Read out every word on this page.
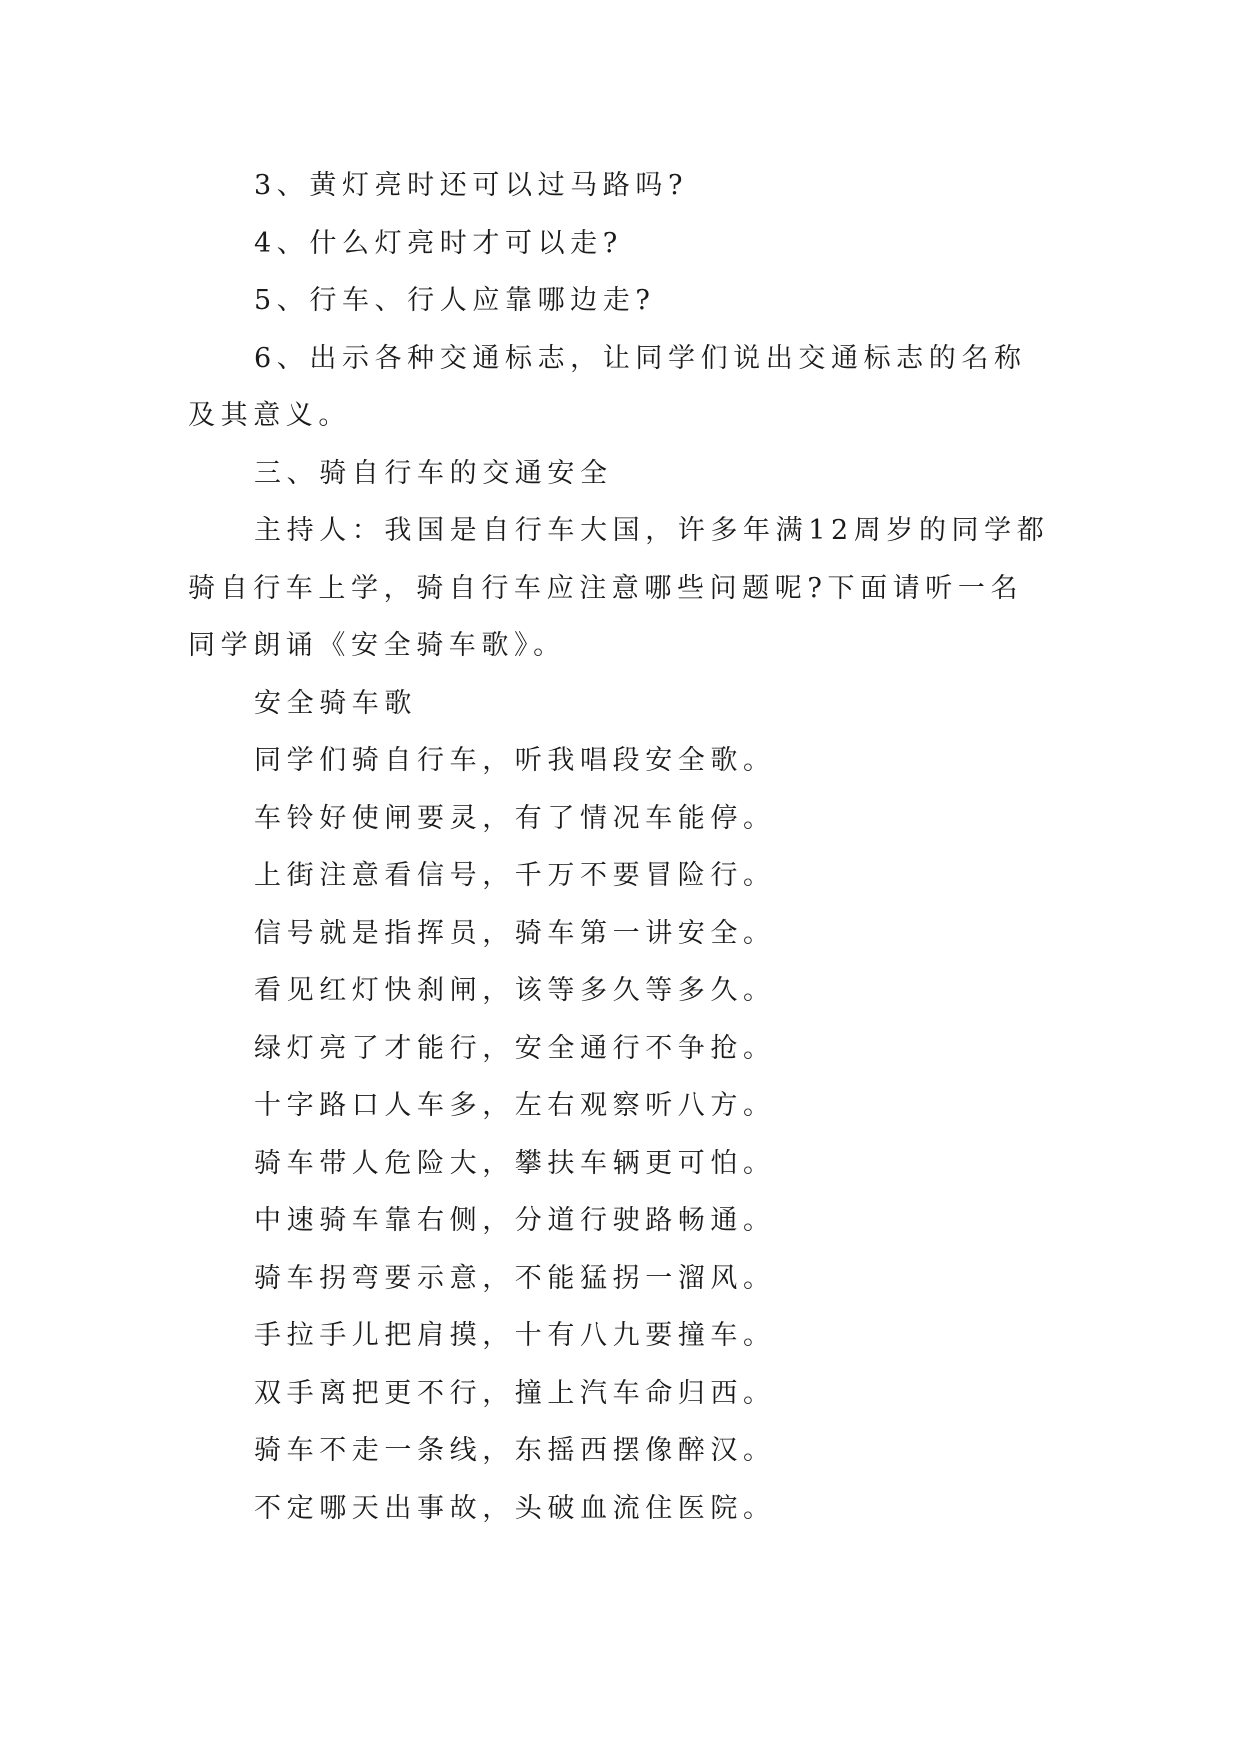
3、黄灯亮时还可以过马路吗?

4、什么灯亮时才可以走?

5、行车、行人应靠哪边走?

6、出示各种交通标志，让同学们说出交通标志的名称及其意义。

三、骑自行车的交通安全

主持人：我国是自行车大国，许多年满12周岁的同学都骑自行车上学，骑自行车应注意哪些问题呢?下面请听一名同学朗诵《安全骑车歌》。

安全骑车歌

同学们骑自行车，听我唱段安全歌。

车铃好使闸要灵，有了情况车能停。

上街注意看信号，千万不要冒险行。

信号就是指挥员，骑车第一讲安全。

看见红灯快刹闸，该等多久等多久。

绿灯亮了才能行，安全通行不争抢。

十字路口人车多，左右观察听八方。

骑车带人危险大，攀扶车辆更可怕。

中速骑车靠右侧，分道行驶路畅通。

骑车拐弯要示意，不能猛拐一溜风。

手拉手儿把肩摸，十有八九要撞车。

双手离把更不行，撞上汽车命归西。

骑车不走一条线，东摇西摆像醉汉。

不定哪天出事故，头破血流住医院。
